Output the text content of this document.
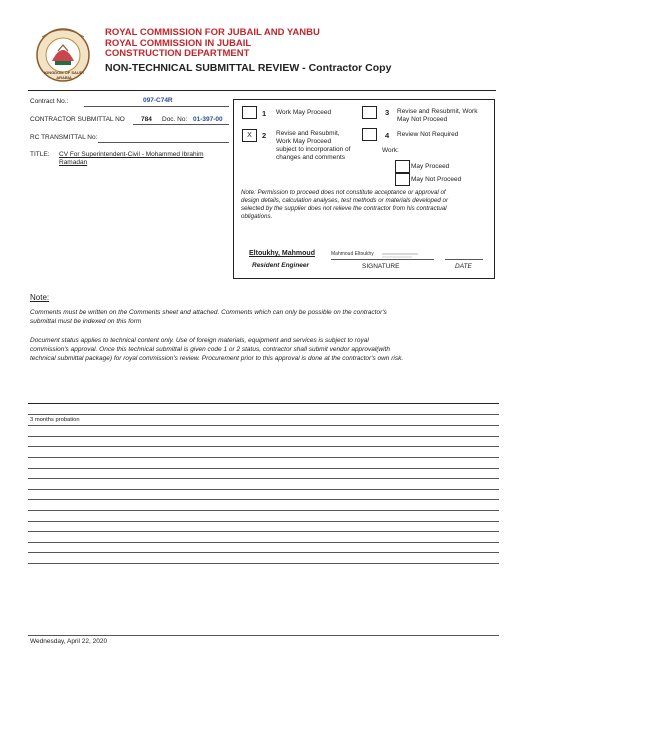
KINGDOM OF SAUDI ARABIA
ROYAL COMMISSION FOR JUBAIL AND YANBU
ROYAL COMMISSION IN JUBAIL
CONSTRUCTION DEPARTMENT
NON-TECHNICAL SUBMITTAL REVIEW - Contractor Copy
Contract No.:	097-C74R
CONTRACTOR SUBMITTAL NO 784 Doc. No: 01-397-00
RC TRANSMITTAL No:
TITLE: CV For Superintendent-Civil - Mohammed Ibrahim
Ramadan
1 Work May Proceed
X	2 Revise and Resubmit,
Work May Proceed
subject to incorporation of
changes and comments
3 Revise and Resubmit, Work
May Not Proceed
4 Review Not Required
Work:
May Proceed
May Not Proceed
Note: Permission to proceed does not constitute acceptance or approval of
design details, calculation analyses, test methods or materials developed or
selected by the supplier does not relieve the contractor from his contractual
obligations.
Eltoukhy, Mahmoud
Resident Engineer
Mahmoud Eltoukhy
SIGNATURE	DATE
Note:
Comments must be written on the Comments sheet and attached. Comments which can only be possible on the contractor's
submittal must be indexed on this form
Document status applies to technical content only. Use of foreign materials, equipment and services is subject to royal
commission's approval. Once this technical submittal is given code 1 or 2 status, contractor shall submit vendor approval(with
technical submittal package) for royal commission's review. Procurement prior to this approval is done at the contractor's own risk.
3 months probation
Wednesday, April 22, 2020
